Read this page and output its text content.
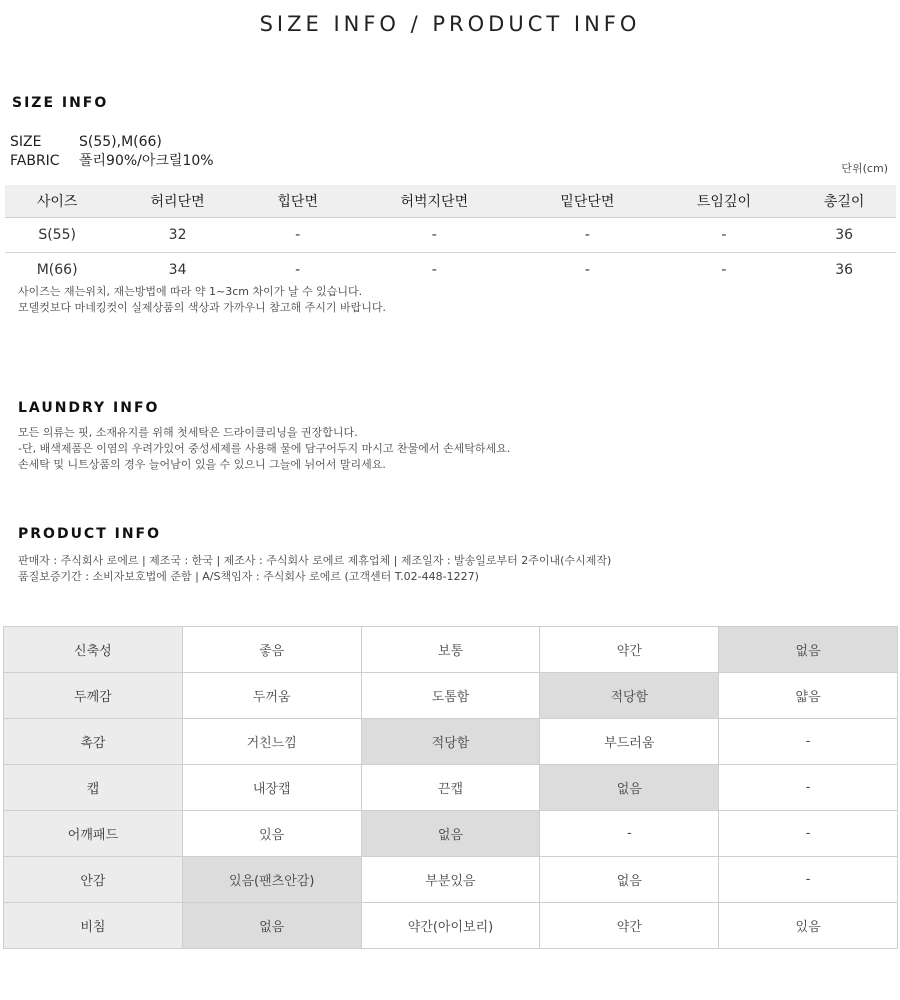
SIZE INFO / PRODUCT INFO
SIZE INFO
SIZE	S(55),M(66)
FABRIC 폴리90%/아크릴10%	단위(cm)
사이즈	허리단면	힙단면	허벅지단면	밑단단면	트임깊이	총길이
S(55)	32	-	-	-	-	36
M(66)	34	-	-	-	-	36
사이즈는 재는위치, 재는방법에 따라 약 1~3cm 차이가 날 수 있습니다.
모델컷보다 마네킹컷이 실제상품의 색상과 가까우니 참고해 주시기 바랍니다.
LAUNDRY INFO
모든 의류는 핏, 소재유지를 위해 첫세탁은 드라이클리닝을 권장합니다.
-단, 배색제품은 이염의 우려가있어 중성세제를 사용해 물에 담구어두지 마시고 찬물에서 손세탁하세요.
손세탁 및 니트상품의 경우 늘어남이 있을 수 있으니 그늘에 뉘어서 말리세요.
PRODUCT INFO
판매자 : 주식회사 로에르 | 제조국 : 한국 | 제조사 : 주식회사 로에르 제휴업체 | 제조일자 : 발송일로부터 2주이내(수시제작)
품질보증기간 : 소비자보호법에 준함 | A/S책임자 : 주식회사 로에르 (고객센터 T.02-448-1227)
신축성	좋음	보통	약간	없음
두께감	두꺼움	도톰함	적당함	얇음
촉감	거친느낌	적당함	부드러움	-
캡	내장캡	끈캡	없음	-
어깨패드	있음	없음	-	-
안감	있음(팬츠안감)	부분있음	없음	-
비침	없음	약간(아이보리)	약간	있음
